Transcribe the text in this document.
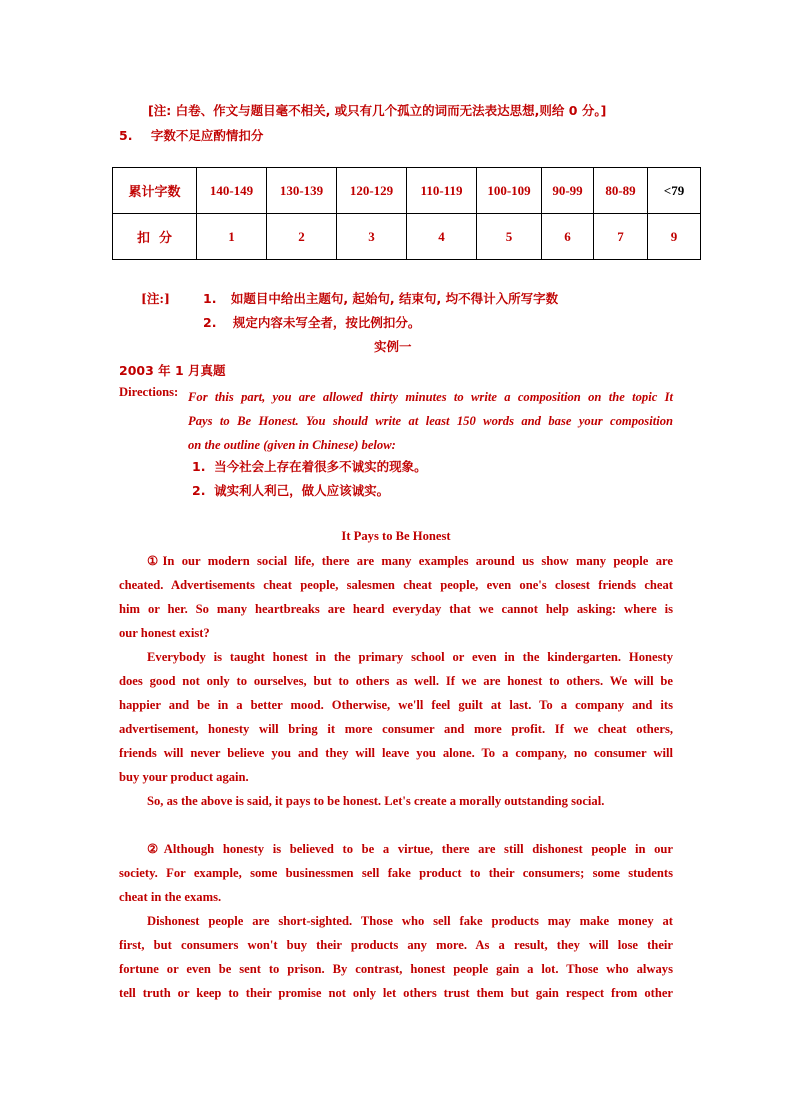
[注: 白卷、作文与题目毫不相关, 或只有几个孤立的词而无法表达思想,则给 0 分。]
5. 字数不足应酌情扣分
累计字数	140-149	130-139	120-129	110-119	100-109	90-99	80-89	<79
扣  分	1	2	3	4	5	6	7	9
[注:]	1. 如题目中给出主题句, 起始句, 结束句, 均不得计入所写字数
2. 规定内容未写全者，按比例扣分。
实例一
2003 年 1 月真题
Directions: For this part, you are allowed thirty minutes to write a composition on the topic It
Pays to Be Honest. You should write at least 150 words and base your composition
on the outline (given in Chinese) below:
1.  当今社会上存在着很多不诚实的现象。
2.  诚实利人利己，做人应该诚实。
It Pays to Be Honest
①In our modern social life, there are many examples around us show many people are
cheated. Advertisements cheat people, salesmen cheat people, even one's closest friends cheat
him or her. So many heartbreaks are heard everyday that we cannot help asking: where is
our honest exist?
Everybody is taught honest in the primary school or even in the kindergarten. Honesty
does good not only to ourselves, but to others as well. If we are honest to others. We will be
happier and be in a better mood. Otherwise, we'll feel guilt at last. To a company and its
advertisement, honesty will bring it more consumer and more profit. If we cheat others,
friends will never believe you and they will leave you alone. To a company, no consumer will
buy your product again.
So, as the above is said, it pays to be honest. Let's create a morally outstanding social.
②Although honesty is believed to be a virtue, there are still dishonest people in our
society. For example, some businessmen sell fake product to their consumers; some students
cheat in the exams.
Dishonest people are short-sighted. Those who sell fake products may make money at
first, but consumers won't buy their products any more. As a result, they will lose their
fortune or even be sent to prison. By contrast, honest people gain a lot. Those who always
tell truth or keep to their promise not only let others trust them but gain respect from other
